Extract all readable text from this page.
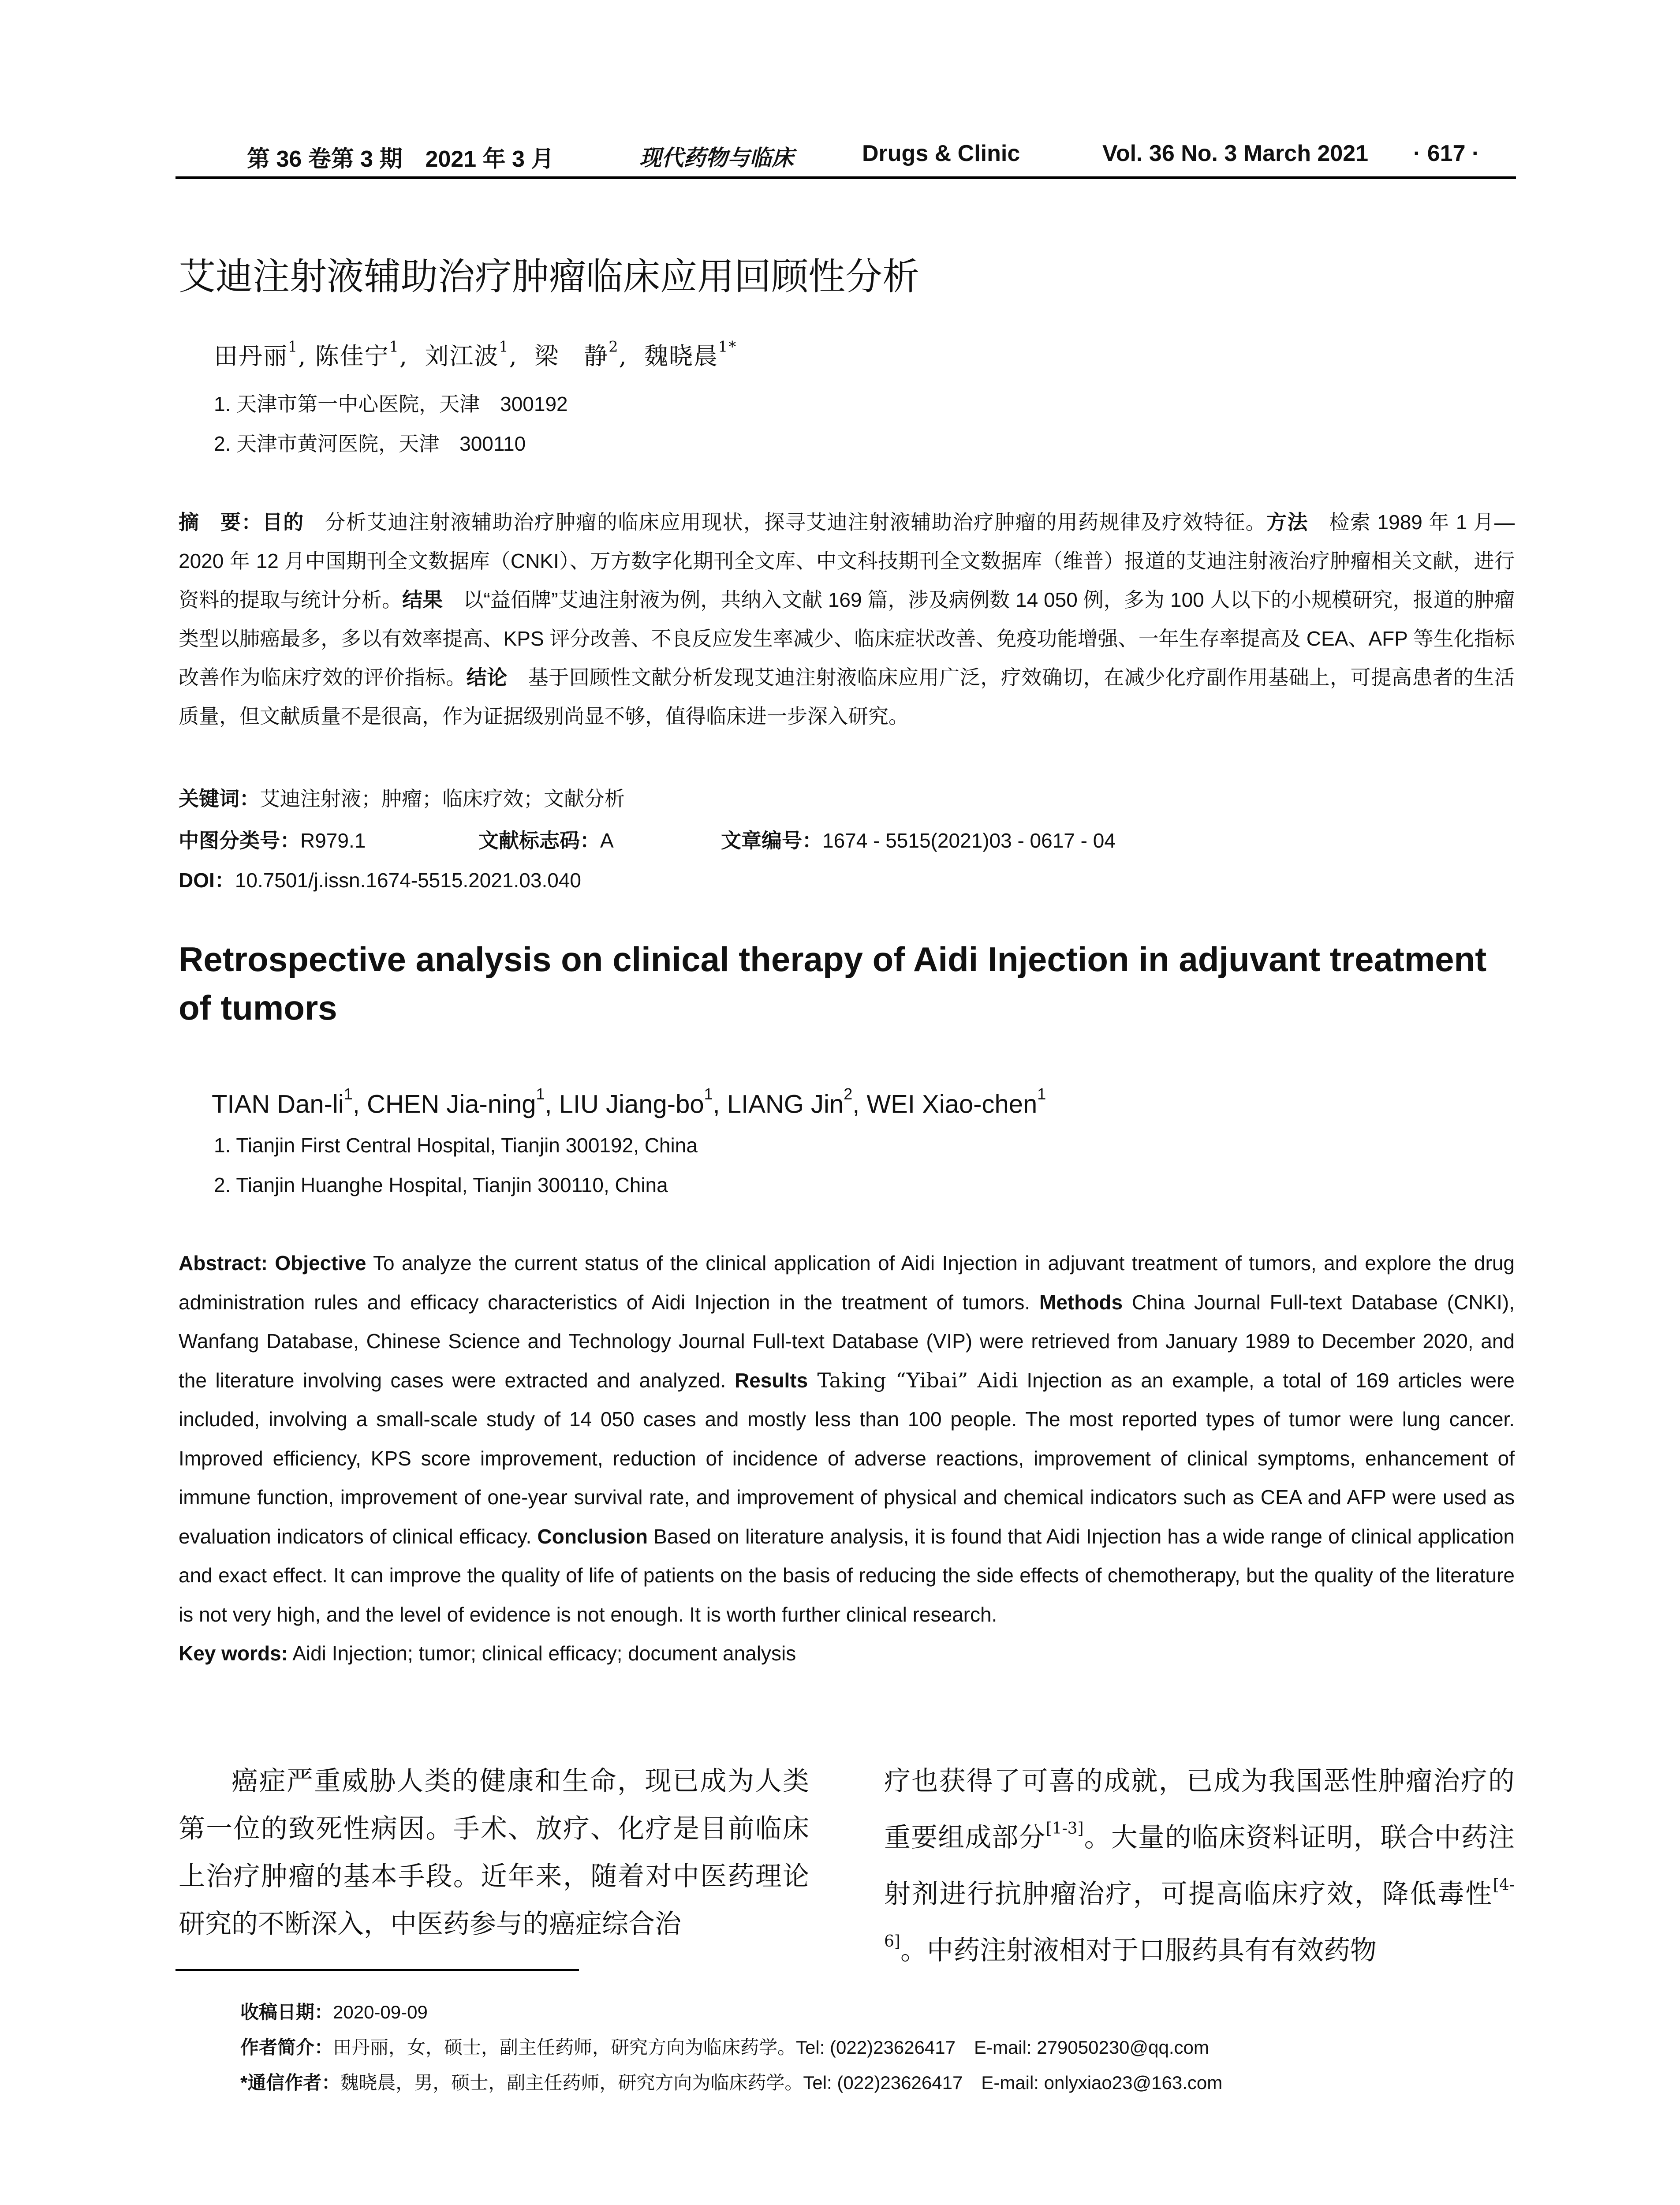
第 36 卷第 3 期　2021 年 3 月	现代药物与临床	Drugs & Clinic	Vol. 36 No. 3 March 2021 · 617 ·
艾迪注射液辅助治疗肿瘤临床应用回顾性分析
田丹丽$^1$, 陈佳宁$^1$,  刘江波$^1$,  梁　静$^2$,  魏晓晨$^{1*}$
1. 天津市第一中心医院，天津　300192
2. 天津市黄河医院，天津　300110
摘　要：目的　分析艾迪注射液辅助治疗肿瘤的临床应用现状，探寻艾迪注射液辅助治疗肿瘤的用药规律及疗效特征。方法　检索 1989 年 1 月—2020 年 12 月中国期刊全文数据库（CNKI）、万方数字化期刊全文库、中文科技期刊全文数据库（维普）报道的艾迪注射液治疗肿瘤相关文献，进行资料的提取与统计分析。结果　以“益佰牌”艾迪注射液为例，共纳入文献 169 篇，涉及病例数 14 050 例，多为 100 人以下的小规模研究，报道的肿瘤类型以肺癌最多，多以有效率提高、KPS 评分改善、不良反应发生率减少、临床症状改善、免疫功能增强、一年生存率提高及 CEA、AFP 等生化指标改善作为临床疗效的评价指标。结论　基于回顾性文献分析发现艾迪注射液临床应用广泛，疗效确切，在减少化疗副作用基础上，可提高患者的生活质量，但文献质量不是很高，作为证据级别尚显不够，值得临床进一步深入研究。
关键词：艾迪注射液；肿瘤；临床疗效；文献分析
中图分类号：R979.1	文献标志码：A	文章编号：1674 - 5515(2021)03 - 0617 - 04
DOI：10.7501/j.issn.1674-5515.2021.03.040
Retrospective analysis on clinical therapy of Aidi Injection in adjuvant treatment of tumors
TIAN Dan-$li^1$, CHEN Jia-ning$^1$, LIU Jiang-$bo^1$, LIANG Jin$^2$, WEI Xiao-chen$^1$
1. Tianjin First Central Hospital, Tianjin 300192, China
2. Tianjin Huanghe Hospital, Tianjin 300110, China
Abstract: Objective To analyze the current status of the clinical application of Aidi Injection in adjuvant treatment of tumors, and explore the drug administration rules and efficacy characteristics of Aidi Injection in the treatment of tumors. Methods China Journal Full-text Database (CNKI), Wanfang Database, Chinese Science and Technology Journal Full-text Database (VIP) were retrieved from January 1989 to December 2020, and the literature involving cases were extracted and analyzed. Results Taking “Yibai” Aidi Injection as an example, a total of 169 articles were included, involving a small-scale study of 14 050 cases and mostly less than 100 people. The most reported types of tumor were lung cancer. Improved efficiency, KPS score improvement, reduction of incidence of adverse reactions, improvement of clinical symptoms, enhancement of immune function, improvement of one-year survival rate, and improvement of physical and chemical indicators such as CEA and AFP were used as evaluation indicators of clinical efficacy. Conclusion Based on literature analysis, it is found that Aidi Injection has a wide range of clinical application and exact effect. It can improve the quality of life of patients on the basis of reducing the side effects of chemotherapy, but the quality of the literature is not very high, and the level of evidence is not enough. It is worth further clinical research.
Key words: Aidi Injection; tumor; clinical efficacy; document analysis
癌症严重威胁人类的健康和生命，现已成为人类第一位的致死性病因。手术、放疗、化疗是目前临床上治疗肿瘤的基本手段。近年来，随着对中医药理论研究的不断深入，中医药参与的癌症综合治
疗也获得了可喜的成就，已成为我国恶性肿瘤治疗的重要组成部分[1-3]。大量的临床资料证明，联合中药注射剂进行抗肿瘤治疗，可提高临床疗效，降低毒性[4-6]。中药注射液相对于口服药具有有效药物
收稿日期：2020-09-09
作者简介：田丹丽，女，硕士，副主任药师，研究方向为临床药学。Tel: (022)23626417　E-mail: 279050230@qq.com
*通信作者：魏晓晨，男，硕士，副主任药师，研究方向为临床药学。Tel: (022)23626417　E-mail: onlyxiao23@163.com
